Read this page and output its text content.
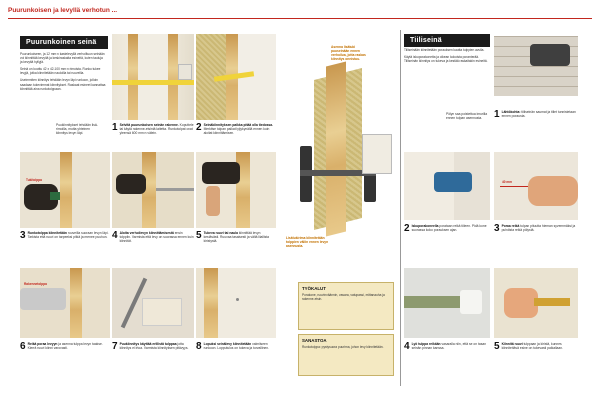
Puurunkoisen ja levyllä verhotun ...
Puurunkoinen seinä

Puurunkoiseen, ja 12 mm:n kastelevyllä verhoiltuun seinään voi kiinnittää kevyitä ja keskiraskaita esineitä, kuten tauluja ja kevyitä hyllyjä.

Seinä on koottu 42 x 42-100 mm:n rimoista. Runko tukee levyjä, jotka kiinnitetään nauloilla tai ruuveilla.

Useimmiten kiinnitys tehdään levyn läpi runkoon, jolloin saadaan tukevimmat kiinnitykset. Raskaat esineet kannattaa kiinnittää aina runkotolppaan.

Puukiinnitykset tehdään lisä-rimoilla, mutta yhteinen kiinnitys levyn läpi.	1 Selvitä puurunkoisen seinän rakenne. Koputtele tai käytä rakenne-etsintä laitetta. Runkotolpat ovat yleensä 600 mm:n välein.
2 Seinäkiinnityksen paikka pitää olla tiedossa. Merkitse tolpan paikat lyijykynällä ennen kuin aloitat kiinnittämisen.
Tukitolppa
3 Runkotolppa kiinnitetään ruuveilla suoraan levyn läpi. Tarkista että ruuvi on tarpeeksi pitkä ja menee puuhun. 4 Aloita verhoilevyn kiinnittämisestä ensin tolppiin. Varmista että levy on suorassa ennen kuin kiinnität.
5 Tukeva ruuvi tai naula kiinnittää levyn kestävästi. Ruuvaa tasaisesti ja vältä liiallista kiristystä.
Rakennetolppa
6 Reikä poraa levyyn ja asenna tulppa levyn taakse. Kierrä ruuvi kiinni varovasti.	7 Puukiinnitys käyttää erillistä tulppaa jotta kiinnitys ei irtoa. Varmista kiinnityksen pitävyys. 8 Lopuksi seinälevy kiinnitetään valmiiseen runkoon. Lopputulos on tukeva ja turvallinen.
Asenna lisätuki puuseinään ennen verhoilua, jotta raskas kiinnitys onnistuu.
Lisätukirima kiinnitetään tolppien väliin ennen levyn asennusta.
TYÖKALUT
Porakone, ruuvinväännin, vasara, vatupassi, mittanauha ja rakenne-etsin.
SANASTOA
Runkotolppa: pystysuora puurima, johon levy kiinnitetään.
Tiiliseinä

Tiiliseinään kiinnitetään porauksen kautta tulppien avulla.

Käytä iskuporakonetta ja oikean kokoista poranterää. Tiiliseinän kiinnitys on tukeva ja kestää raskaitakin esineitä.

1 Lähtökohta: tiiliseinän saumat ja tiilet tunnistetaan ennen porausta.
Pölyn saa poistettua imurilla ennen tulpan asennusta.
2 Iskuporakoneella porataan reikä tiileen. Pidä kone suorassa koko porauksen ajan.
40 mm
3 Poraa reikä tulpan pituutta hieman syvemmäksi ja puhdista reikä pölystä.
4 Lyö tulppa reikään vasaralla niin, että se on tasan seinän pinnan kanssa.	5 Kiinnitä ruuvi tulppaan ja kiristä, kunnes kiinnitettävä esine on tukevasti paikallaan.
